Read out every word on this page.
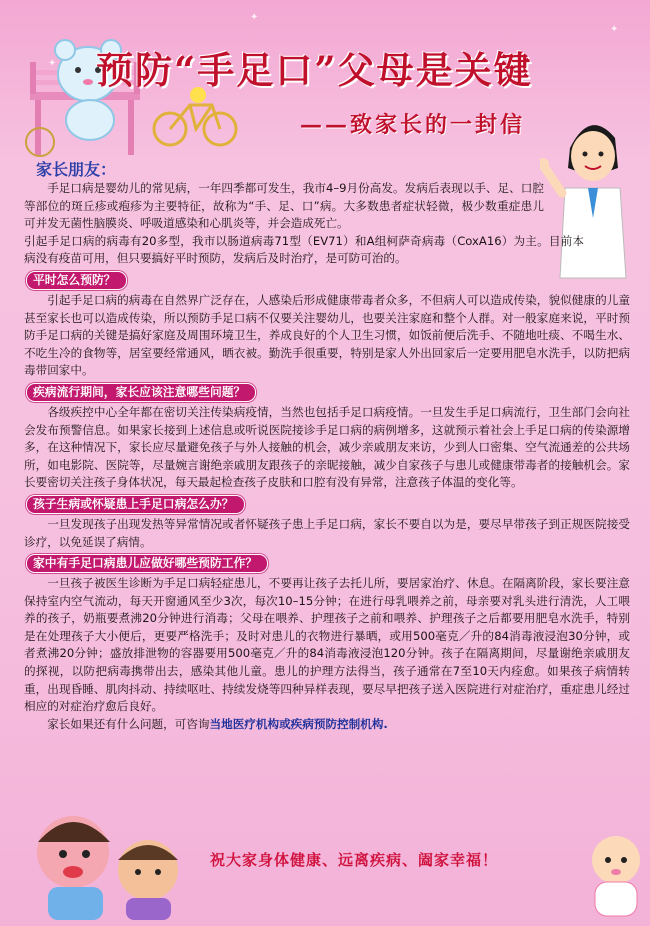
✦
✦
✦
预防“手足口”父母是关键
——致家长的一封信
家长朋友：

手足口病是婴幼儿的常见病，一年四季都可发生，我市4–9月份高发。发病后表现以手、足、口腔等部位的斑丘疹或疱疹为主要特征，故称为“手、足、口”病。大多数患者症状轻微，极少数重症患儿可并发无菌性脑膜炎、呼吸道感染和心肌炎等，并会造成死亡。

引起手足口病的病毒有20多型，我市以肠道病毒71型（EV71）和A组柯萨奇病毒（CoxA16）为主。目前本病没有疫苗可用，但只要搞好平时预防，发病后及时治疗，是可防可治的。

平时怎么预防？

引起手足口病的病毒在自然界广泛存在，人感染后形成健康带毒者众多，不但病人可以造成传染，貌似健康的儿童甚至家长也可以造成传染，所以预防手足口病不仅要关注婴幼儿，也要关注家庭和整个人群。对一般家庭来说，平时预防手足口病的关键是搞好家庭及周围环境卫生，养成良好的个人卫生习惯，如饭前便后洗手、不随地吐痰、不喝生水、不吃生冷的食物等，居室要经常通风，晒衣被。勤洗手很重要，特别是家人外出回家后一定要用肥皂水洗手，以防把病毒带回家中。

疾病流行期间，家长应该注意哪些问题？

各级疾控中心全年都在密切关注传染病疫情，当然也包括手足口病疫情。一旦发生手足口病流行，卫生部门会向社会发布预警信息。如果家长接到上述信息或听说医院接诊手足口病的病例增多，这就预示着社会上手足口病的传染源增多，在这种情况下，家长应尽量避免孩子与外人接触的机会，减少亲戚朋友来访，少到人口密集、空气流通差的公共场所，如电影院、医院等，尽量婉言谢绝亲戚朋友跟孩子的亲昵接触，减少自家孩子与患儿或健康带毒者的接触机会。家长要密切关注孩子身体状况，每天最起检查孩子皮肤和口腔有没有异常，注意孩子体温的变化等。

孩子生病或怀疑患上手足口病怎么办？

一旦发现孩子出现发热等异常情况或者怀疑孩子患上手足口病，家长不要自以为是，要尽早带孩子到正规医院接受诊疗，以免延误了病情。

家中有手足口病患儿应做好哪些预防工作？

一旦孩子被医生诊断为手足口病轻症患儿，不要再让孩子去托儿所，要居家治疗、休息。在隔离阶段，家长要注意保持室内空气流动，每天开窗通风至少3次，每次10–15分钟；在进行母乳喂养之前，母亲要对乳头进行清洗，人工喂养的孩子，奶瓶要煮沸20分钟进行消毒；父母在喂养、护理孩子之前和喂养、护理孩子之后都要用肥皂水洗手，特别是在处理孩子大小便后，更要严格洗手；及时对患儿的衣物进行暴晒，或用500毫克／升的84消毒液浸泡30分钟，或者煮沸20分钟；盛放排泄物的容器要用500毫克／升的84消毒液浸泡120分钟。孩子在隔离期间，尽量谢绝亲戚朋友的探视，以防把病毒携带出去，感染其他儿童。患儿的护理方法得当，孩子通常在7至10天内痊愈。如果孩子病情转重，出现昏睡、肌肉抖动、持续呕吐、持续发烧等四种异样表现，要尽早把孩子送入医院进行对症治疗，重症患儿经过相应的对症治疗愈后良好。

家长如果还有什么问题，可咨询当地医疗机构或疾病预防控制机构.

祝大家身体健康、远离疾病、阖家幸福！
